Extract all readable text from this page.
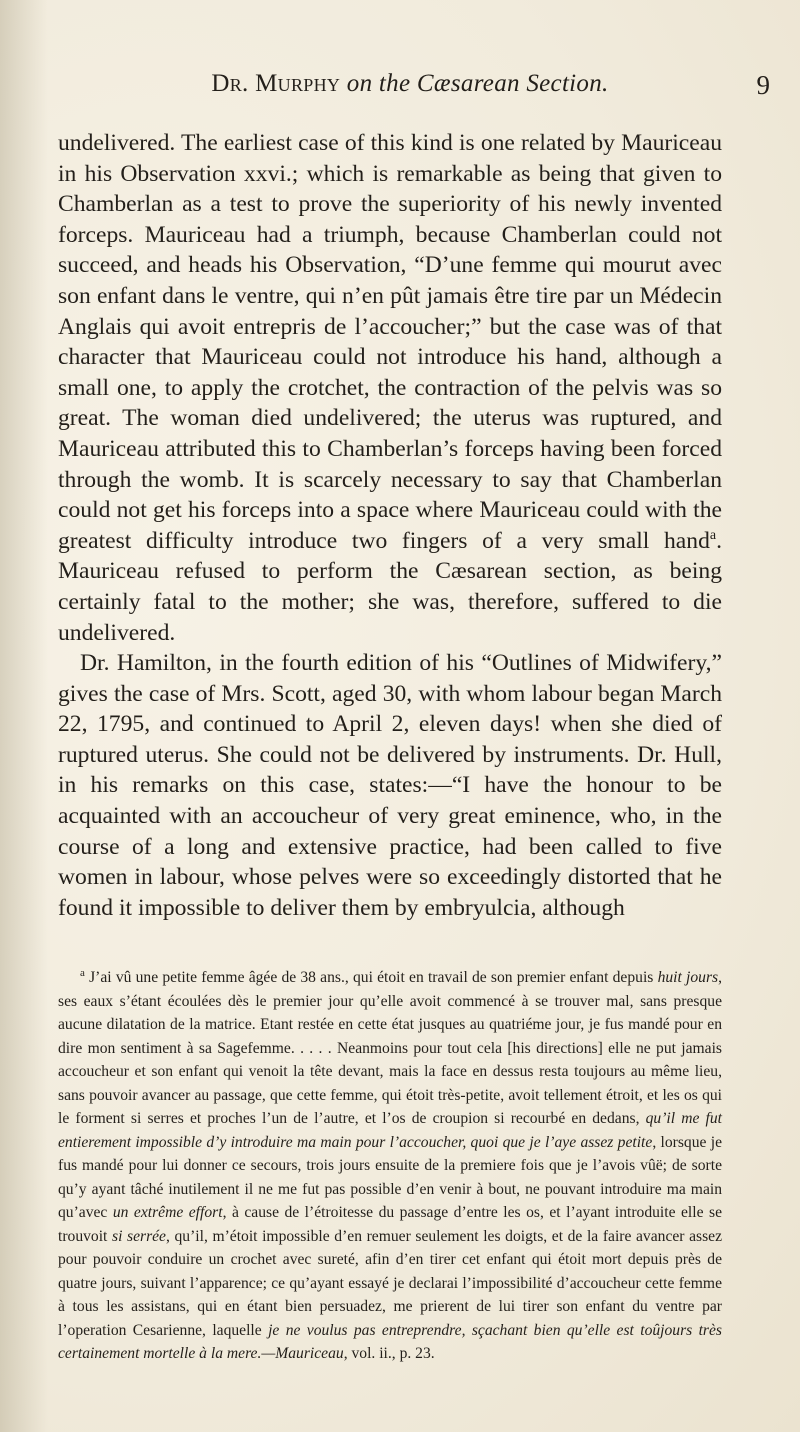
Dr. Murphy on the Cæsarean Section.	9

undelivered. The earliest case of this kind is one related by Mauriceau in his Observation xxvi.; which is remarkable as being that given to Chamberlan as a test to prove the superiority of his newly invented forceps. Mauriceau had a triumph, because Chamberlan could not succeed, and heads his Observation, “D’une femme qui mourut avec son enfant dans le ventre, qui n’en pût jamais être tire par un Médecin Anglais qui avoit entrepris de l’accoucher;” but the case was of that character that Mauriceau could not introduce his hand, although a small one, to apply the crotchet, the contraction of the pelvis was so great. The woman died undelivered; the uterus was ruptured, and Mauriceau attributed this to Chamberlan’s forceps having been forced through the womb. It is scarcely necessary to say that Chamberlan could not get his forceps into a space where Mauriceau could with the greatest difficulty introduce two fingers of a very small hand$^a$. Mauriceau refused to perform the Cæsarean section, as being certainly fatal to the mother; she was, therefore, suffered to die undelivered.

Dr. Hamilton, in the fourth edition of his “Outlines of Midwifery,” gives the case of Mrs. Scott, aged 30, with whom labour began March 22, 1795, and continued to April 2, eleven days! when she died of ruptured uterus. She could not be delivered by instruments. Dr. Hull, in his remarks on this case, states:—“I have the honour to be acquainted with an accoucheur of very great eminence, who, in the course of a long and extensive practice, had been called to five women in labour, whose pelves were so exceedingly distorted that he found it impossible to deliver them by embryulcia, although

$^a$ J’ai vû une petite femme âgée de 38 ans., qui étoit en travail de son premier enfant depuis huit jours, ses eaux s’étant écoulées dès le premier jour qu’elle avoit commencé à se trouver mal, sans presque aucune dilatation de la matrice. Etant restée en cette état jusques au quatriéme jour, je fus mandé pour en dire mon sentiment à sa Sagefemme. . . . . Neanmoins pour tout cela [his directions] elle ne put jamais accoucheur et son enfant qui venoit la tête devant, mais la face en dessus resta toujours au même lieu, sans pouvoir avancer au passage, que cette femme, qui étoit très-petite, avoit tellement étroit, et les os qui le forment si serres et proches l’un de l’autre, et l’os de croupion si recourbé en dedans, qu’il me fut entierement impossible d’y introduire ma main pour l’accoucher, quoi que je l’aye assez petite, lorsque je fus mandé pour lui donner ce secours, trois jours ensuite de la premiere fois que je l’avois vûë; de sorte qu’y ayant tâché inutilement il ne me fut pas possible d’en venir à bout, ne pouvant introduire ma main qu’avec un extrême effort, à cause de l’étroitesse du passage d’entre les os, et l’ayant introduite elle se trouvoit si serrée, qu’il, m’étoit impossible d’en remuer seulement les doigts, et de la faire avancer assez pour pouvoir conduire un crochet avec sureté, afin d’en tirer cet enfant qui étoit mort depuis près de quatre jours, suivant l’apparence; ce qu’ayant essayé je declarai l’impossibilité d’accoucheur cette femme à tous les assistans, qui en étant bien persuadez, me prierent de lui tirer son enfant du ventre par l’operation Cesarienne, laquelle je ne voulus pas entreprendre, sçachant bien qu’elle est toûjours très certainement mortelle à la mere.—Mauriceau, vol. ii., p. 23.
